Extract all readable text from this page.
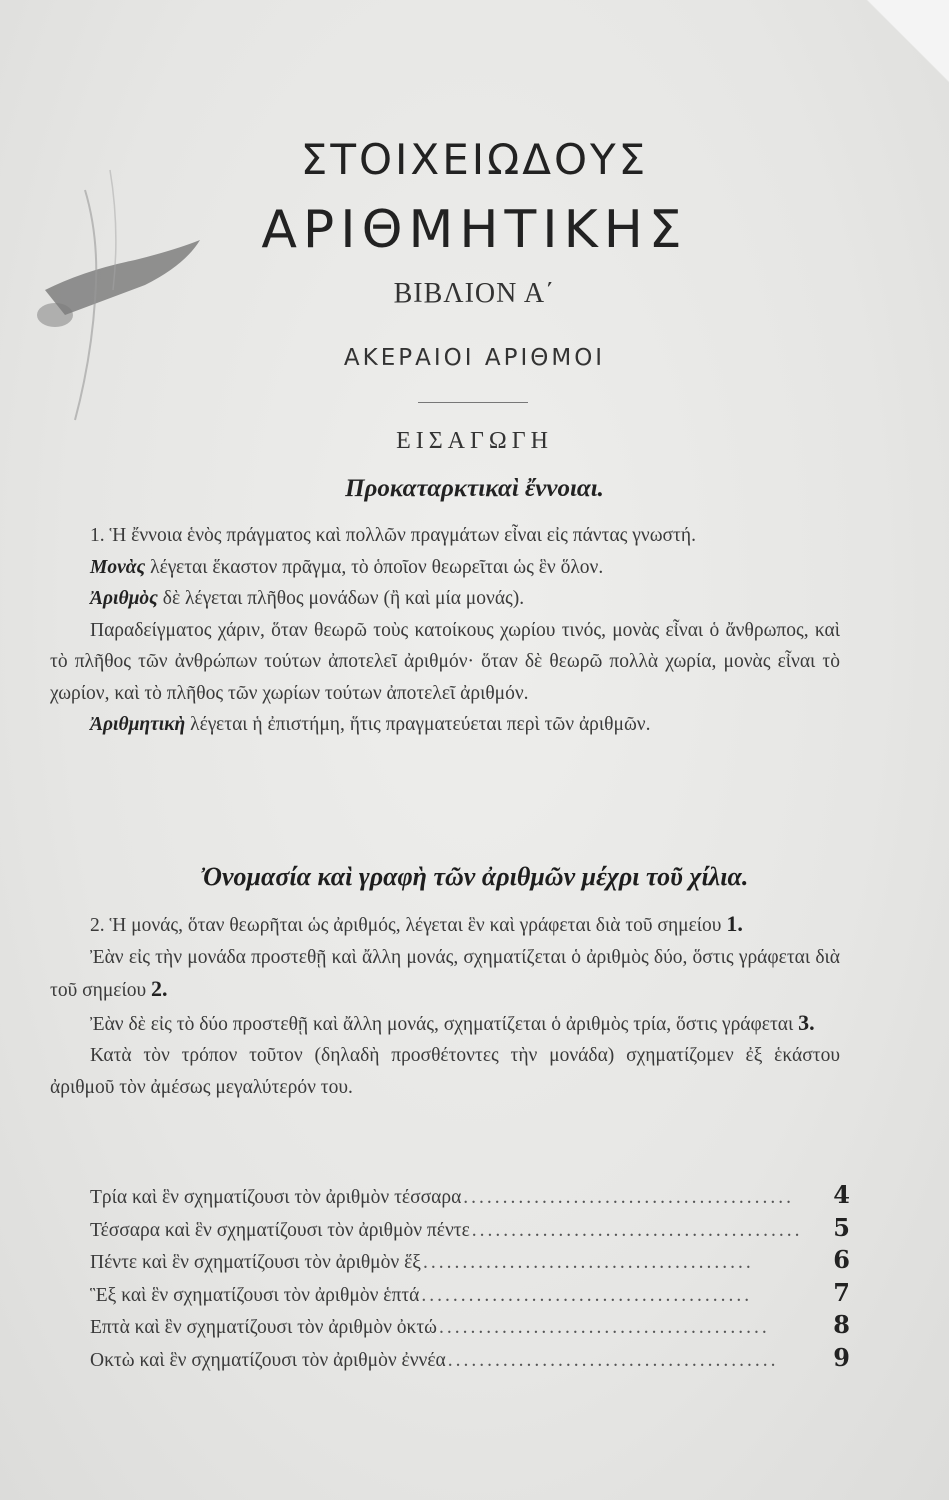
ΣΤΟΙΧΕΙΩΔΟΥΣ
ΑΡΙΘΜΗΤΙΚΗΣ
ΒΙΒΛΙΟΝ Α΄
ΑΚΕΡΑΙΟΙ ΑΡΙΘΜΟΙ
ΕΙΣΑΓΩΓΗ
Προκαταρκτικαὶ ἔννοιαι.

1. Ἡ ἔννοια ἑνὸς πράγματος καὶ πολλῶν πραγμάτων εἶναι εἰς πάντας γνωστή.

Μονὰς λέγεται ἕκαστον πρᾶγμα, τὸ ὁποῖον θεωρεῖται ὡς ἓν ὅλον.

Ἀριθμὸς δὲ λέγεται πλῆθος μονάδων (ἢ καὶ μία μονάς).

Παραδείγματος χάριν, ὅταν θεωρῶ τοὺς κατοίκους χωρίου τινός, μονὰς εἶναι ὁ ἄνθρωπος, καὶ τὸ πλῆθος τῶν ἀνθρώπων τούτων ἀποτελεῖ ἀριθμόν· ὅταν δὲ θεωρῶ πολλὰ χωρία, μονὰς εἶναι τὸ χωρίον, καὶ τὸ πλῆθος τῶν χωρίων τούτων ἀποτελεῖ ἀριθμόν.

Ἀριθμητικὴ λέγεται ἡ ἐπιστήμη, ἥτις πραγματεύεται περὶ τῶν ἀριθμῶν.

Ὀνομασία καὶ γραφὴ τῶν ἀριθμῶν μέχρι τοῦ χίλια.

2. Ἡ μονάς, ὅταν θεωρῆται ὡς ἀριθμός, λέγεται ἓν καὶ γράφεται διὰ τοῦ σημείου 1.

Ἐὰν εἰς τὴν μονάδα προστεθῇ καὶ ἄλλη μονάς, σχηματίζεται ὁ ἀριθμὸς δύο, ὅστις γράφεται διὰ τοῦ σημείου 2.

Ἐὰν δὲ εἰς τὸ δύο προστεθῇ καὶ ἄλλη μονάς, σχηματίζεται ὁ ἀριθμὸς τρία, ὅστις γράφεται 3.

Κατὰ τὸν τρόπον τοῦτον (δηλαδὴ προσθέτοντες τὴν μονάδα) σχηματίζομεν ἐξ ἑκάστου ἀριθμοῦ τὸν ἀμέσως μεγαλύτερόν του.

Τρία καὶ ἓν σχηματίζουσι τὸν ἀριθμὸν τέσσαρα ..........................................	4
Τέσσαρα καὶ ἓν σχηματίζουσι τὸν ἀριθμὸν πέντε ..........................................	5
Πέντε καὶ ἓν σχηματίζουσι τὸν ἀριθμὸν ἕξ ..........................................	6
Ἓξ καὶ ἓν σχηματίζουσι τὸν ἀριθμὸν ἑπτά ..........................................	7
Επτὰ καὶ ἓν σχηματίζουσι τὸν ἀριθμὸν ὀκτώ ..........................................	8
Οκτὼ καὶ ἓν σχηματίζουσι τὸν ἀριθμὸν ἐννέα ..........................................	9
